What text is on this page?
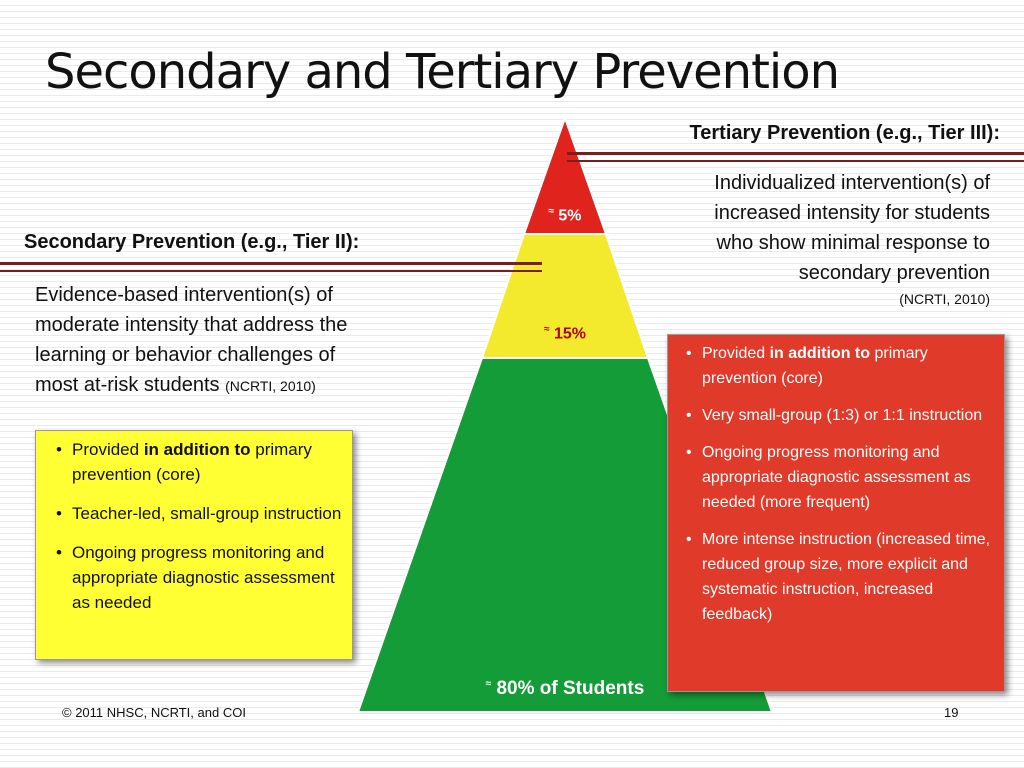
≈ 5%
≈ 15%
≈ 80% of Students
Secondary and Tertiary Prevention
Tertiary Prevention (e.g., Tier III):
Individualized intervention(s) of
increased intensity for students
who show minimal response to
secondary prevention
(NCRTI, 2010)
Secondary Prevention (e.g., Tier II):
Evidence-based intervention(s) of
moderate intensity that address the
learning or behavior challenges of
most at-risk students (NCRTI, 2010)
• Provided in addition to primary prevention (core)
• Teacher-led, small-group instruction
• Ongoing progress monitoring and appropriate diagnostic assessment as needed
• Provided in addition to primary prevention (core)
• Very small-group (1:3) or 1:1 instruction
• Ongoing progress monitoring and appropriate diagnostic assessment as needed (more frequent)
• More intense instruction (increased time, reduced group size, more explicit and systematic instruction, increased feedback)
© 2011 NHSC, NCRTI, and COI	19
